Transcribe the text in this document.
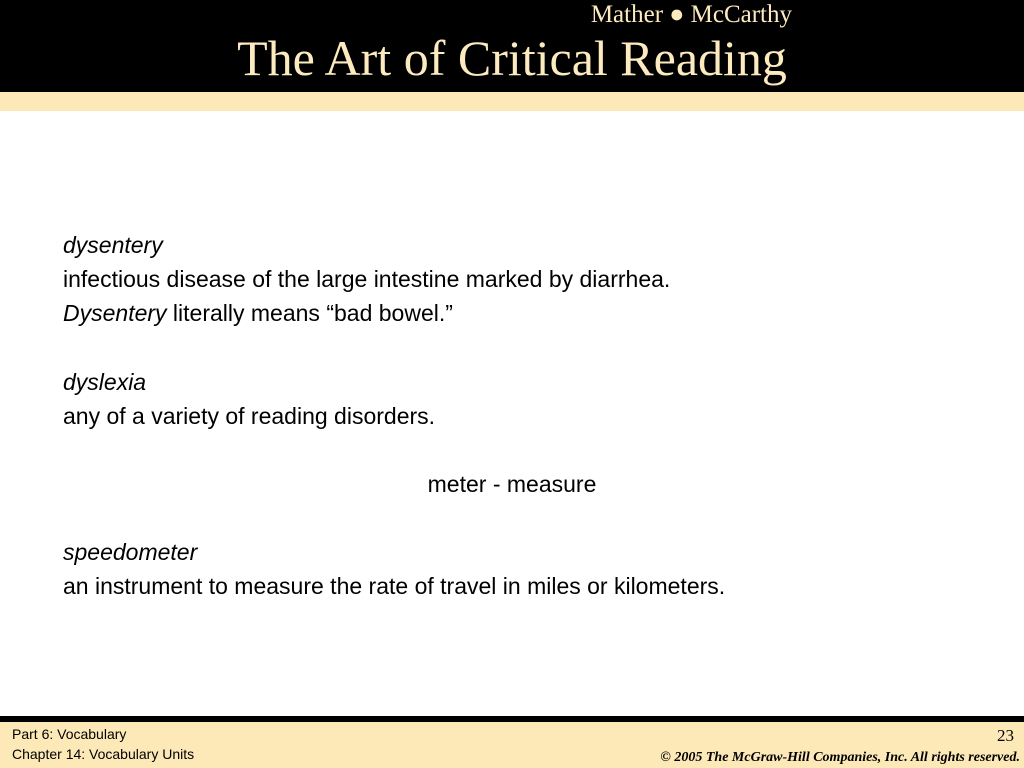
Mather ● McCarthy
The Art of Critical Reading
dysentery
infectious disease of the large intestine marked by diarrhea.
Dysentery literally means “bad bowel.”
dyslexia
any of a variety of reading disorders.
meter - measure
speedometer
an instrument to measure the rate of travel in miles or kilometers.
Part 6: Vocabulary
Chapter 14: Vocabulary Units
23
© 2005 The McGraw-Hill Companies, Inc. All rights reserved.
